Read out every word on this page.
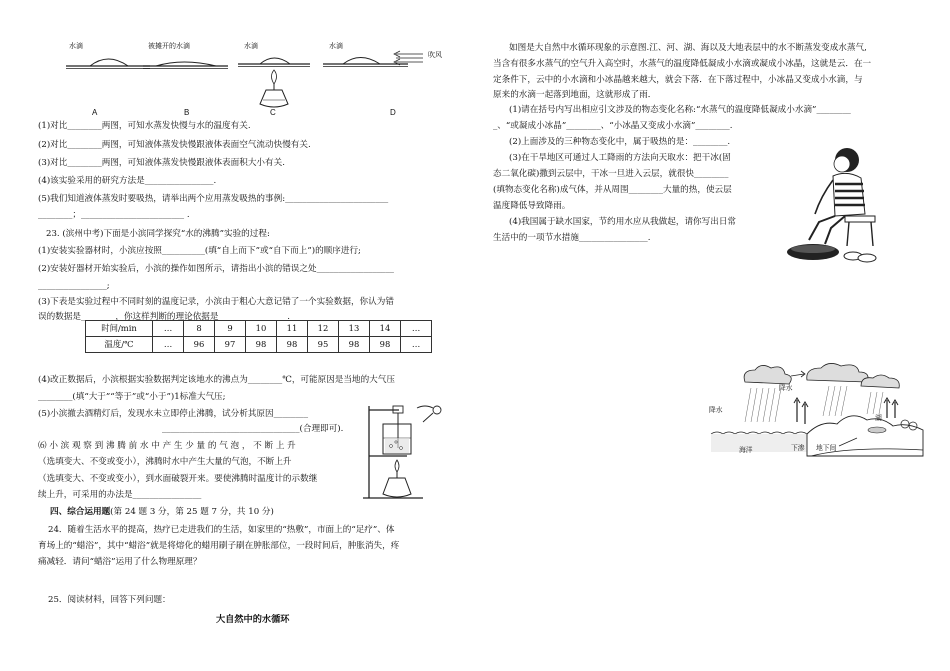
水滴	被摊开的水滴	水滴	水滴
吹风
A	B	C	D
(1)对比________两图，可知水蒸发快慢与水的温度有关.
(2)对比________两图，可知液体蒸发快慢跟液体表面空气流动快慢有关.
(3)对比________两图，可知液体蒸发快慢跟液体表面积大小有关.
(4)该实验采用的研究方法是________________.
(5)我们知道液体蒸发时要吸热，请举出两个应用蒸发吸热的事例:________________________
________；________________________ .
23. (滨州中考)下面是小滨同学探究“水的沸腾”实验的过程:
(1)安装实验器材时，小滨应按照__________(填“自上而下”或“自下而上”)的顺序进行;
(2)安装好器材开始实验后，小滨的操作如图所示，请指出小滨的错误之处__________________
________________;
(3)下表是实验过程中不同时刻的温度记录，小滨由于粗心大意记错了一个实验数据，你认为错
误的数据是________，你这样判断的理论依据是________________.
时间/min	…	8	9	10	11	12	13	14	…
温度/℃	…	96	97	98	98	95	98	98	…
(4)改正数据后，小滨根据实验数据判定该地水的沸点为________℃，可能原因是当地的大气压
________(填“大于”“等于”或“小于”)1标准大气压;
(5)小滨撤去酒精灯后，发现水未立即停止沸腾，试分析其原因________
________________________________(合理即可).
⑹ 小 滨 观 察 到 沸 腾 前 水 中 产 生 少 量 的 气 泡 ， 不 断 上 升
（选填变大、不变或变小），沸腾时水中产生大量的气泡，不断上升
（选填变大、不变或变小），到水面破裂开来。要使沸腾时温度计的示数继
续上升，可采用的办法是________________
四、综合运用题(第 24 题 3 分，第 25 题 7 分，共 10 分)
24．随着生活水平的提高，热疗已走进我们的生活，如家里的“热敷”，市面上的“足疗”、体
育场上的“蜡浴”，其中“蜡浴”就是将熔化的蜡用刷子刷在肿胀部位，一段时间后，肿胀消失，疼
痛减轻．请问“蜡浴”运用了什么物理原理？
25．阅读材料，回答下列问题：
大自然中的水循环
如图是大自然中水循环现象的示意图.江、河、湖、海以及大地表层中的水不断蒸发变成水蒸气,
当含有很多水蒸气的空气升入高空时，水蒸气的温度降低凝成小水滴或凝成小冰晶，这就是云．在一
定条件下，云中的小水滴和小冰晶越来越大，就会下落．在下落过程中，小冰晶又变成小水滴，与
原来的水滴一起落到地面，这就形成了雨．
(1)请在括号内写出相应引文涉及的物态变化名称:“水蒸气的温度降低凝成小水滴”________
_、“或凝成小冰晶”________、“小冰晶又变成小水滴”________.
(2)上面涉及的三种物态变化中，属于吸热的是：________.
(3)在干旱地区可通过人工降雨的方法向天取水：把干冰(固
态二氧化碳)撒到云层中，干冰一旦进入云层，就很快________
(填物态变化名称)成气体，并从周围________大量的热，使云层
温度降低导致降雨。
(4)我国属于缺水国家，节约用水应从我做起，请你写出日常
生活中的一项节水措施________________.
降水
降水
海洋	下渗 地下间
湖
